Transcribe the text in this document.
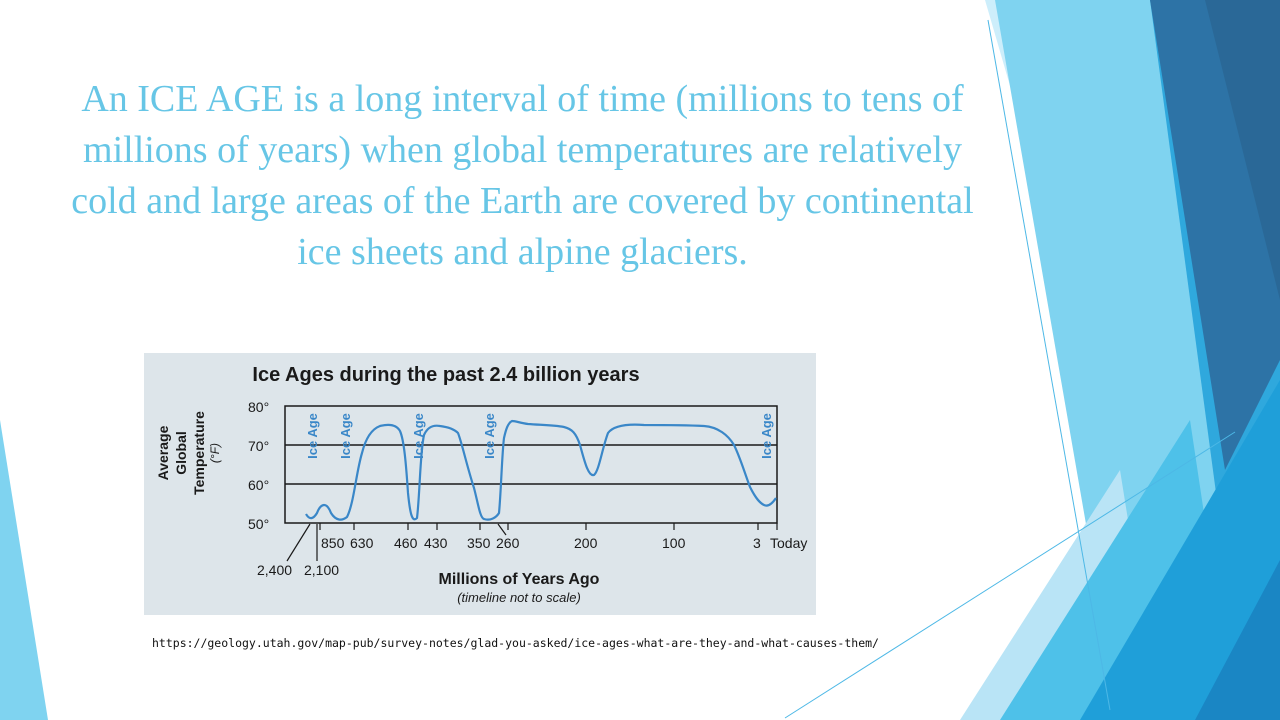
An ICE AGE is a long interval of time (millions to tens of millions of years) when global temperatures are relatively cold and large areas of the Earth are covered by continental ice sheets and alpine glaciers.
Ice Ages during the past 2.4 billion years
Average Global Temperature (°F)
80°
70°
60°
50°
850 630 460 430 350 260	200	100	3 Today
2,400 2,100
Ice Age Ice Age	Ice Age	Ice Age	Ice Age
Millions of Years Ago
(timeline not to scale)
https://geology.utah.gov/map-pub/survey-notes/glad-you-asked/ice-ages-what-are-they-and-what-causes-them/
